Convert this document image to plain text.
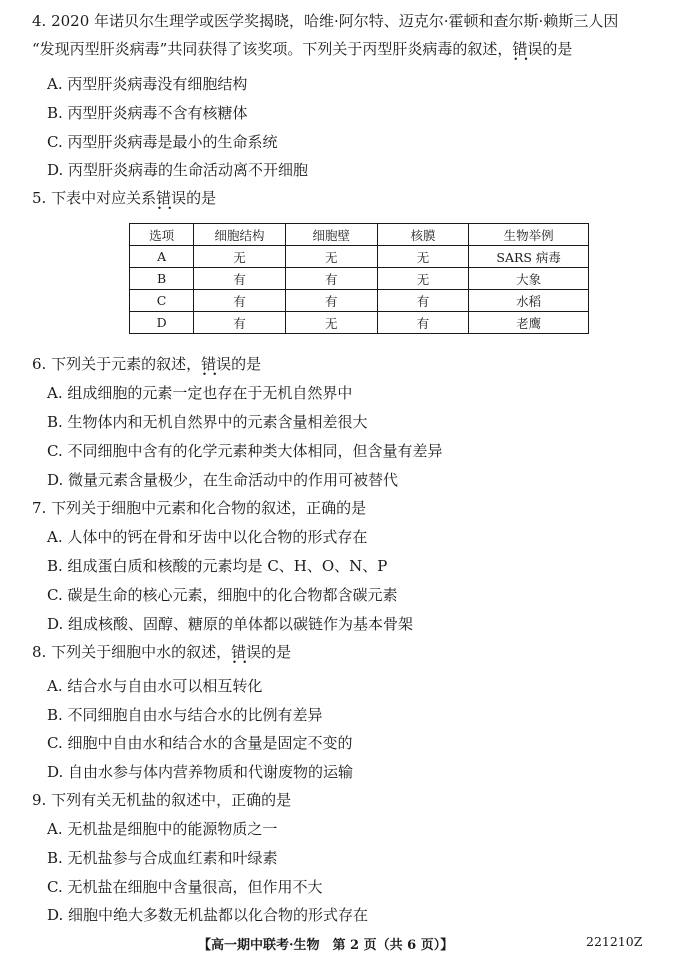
4. 2020 年诺贝尔生理学或医学奖揭晓，哈维·阿尔特、迈克尔·霍顿和查尔斯·赖斯三人因
“发现丙型肝炎病毒”共同获得了该奖项。下列关于丙型肝炎病毒的叙述，错误 • •的是
A. 丙型肝炎病毒没有细胞结构
B. 丙型肝炎病毒不含有核糖体
C. 丙型肝炎病毒是最小的生命系统
D. 丙型肝炎病毒的生命活动离不开细胞
5. 下表中对应关系错误 • •的是
选项	细胞结构	细胞壁	核膜	生物举例
A	无	无	无	SARS 病毒
B	有	有	无	大象
C	有	有	有	水稻
D	有	无	有	老鹰
6. 下列关于元素的叙述，错误 • •的是
A. 组成细胞的元素一定也存在于无机自然界中
B. 生物体内和无机自然界中的元素含量相差很大
C. 不同细胞中含有的化学元素种类大体相同，但含量有差异
D. 微量元素含量极少，在生命活动中的作用可被替代
7. 下列关于细胞中元素和化合物的叙述，正确的是
A. 人体中的钙在骨和牙齿中以化合物的形式存在
B. 组成蛋白质和核酸的元素均是 C、H、O、N、P
C. 碳是生命的核心元素，细胞中的化合物都含碳元素
D. 组成核酸、固醇、糖原的单体都以碳链作为基本骨架
8. 下列关于细胞中水的叙述，错误 • •的是
A. 结合水与自由水可以相互转化
B. 不同细胞自由水与结合水的比例有差异
C. 细胞中自由水和结合水的含量是固定不变的
D. 自由水参与体内营养物质和代谢废物的运输
9. 下列有关无机盐的叙述中，正确的是
A. 无机盐是细胞中的能源物质之一
B. 无机盐参与合成血红素和叶绿素
C. 无机盐在细胞中含量很高，但作用不大
D. 细胞中绝大多数无机盐都以化合物的形式存在
【高一期中联考·生物　第 2 页（共 6 页）】	221210Z
